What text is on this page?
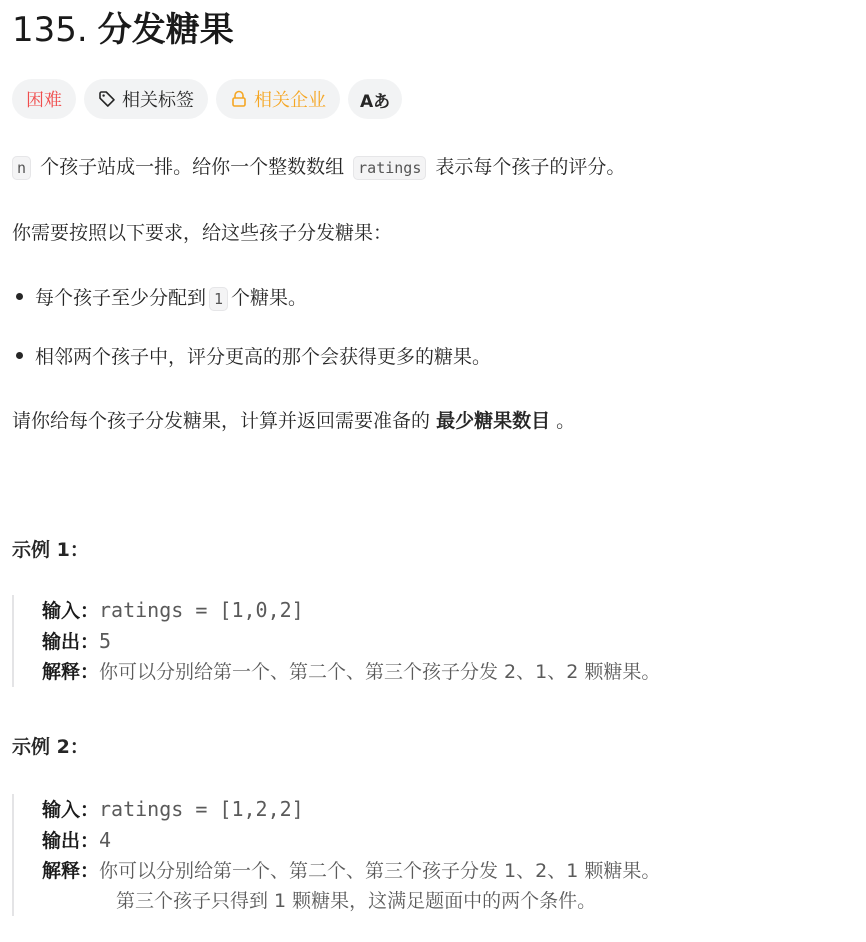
135. 分发糖果
困难	相关标签	相关企业 Aあ

n 个孩子站成一排。给你一个整数数组 ratings 表示每个孩子的评分。

你需要按照以下要求，给这些孩子分发糖果：

每个孩子至少分配到 1 个糖果。

相邻两个孩子中，评分更高的那个会获得更多的糖果。

请你给每个孩子分发糖果，计算并返回需要准备的 最少糖果数目 。

示例 1：

输入：ratings = [1,0,2]
输出：5
解释：你可以分别给第一个、第二个、第三个孩子分发 2、1、2 颗糖果。

示例 2：

输入：ratings = [1,2,2]
输出：4
解释：你可以分别给第一个、第二个、第三个孩子分发 1、2、1 颗糖果。
第三个孩子只得到 1 颗糖果，这满足题面中的两个条件。
